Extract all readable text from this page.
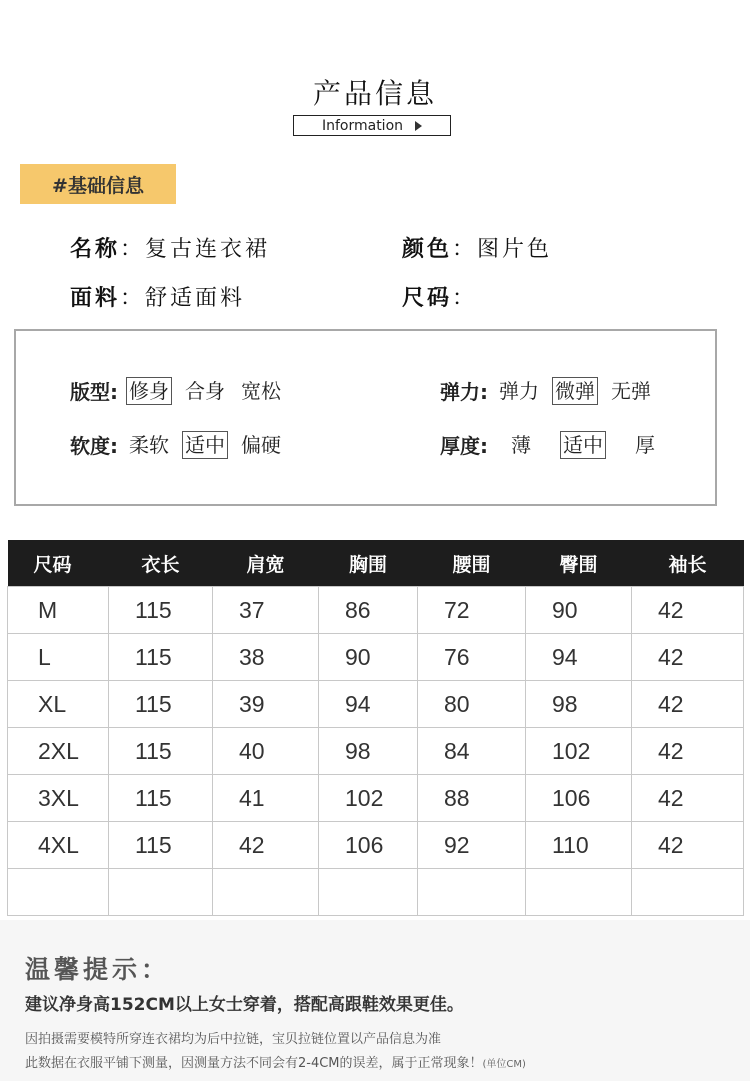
产品信息
Information
#基础信息
名称：复古连衣裙	颜色：图片色
面料：舒适面料	尺码：
版型: 修身 合身 宽松	弹力: 弹力 微弹 无弹
软度: 柔软 适中 偏硬	厚度: 薄 适中 厚
尺码	衣长	肩宽	胸围	腰围	臀围	袖长
M	115	37	86	72	90	42
L	115	38	90	76	94	42
XL	115	39	94	80	98	42
2XL	115	40	98	84	102	42
3XL	115	41	102	88	106	42
4XL	115	42	106	92	110	42

温馨提示：
建议净身高152CM以上女士穿着，搭配高跟鞋效果更佳。
因拍摄需要模特所穿连衣裙均为后中拉链，宝贝拉链位置以产品信息为准
此数据在衣服平铺下测量，因测量方法不同会有2-4CM的误差，属于正常现象！(单位CM)
